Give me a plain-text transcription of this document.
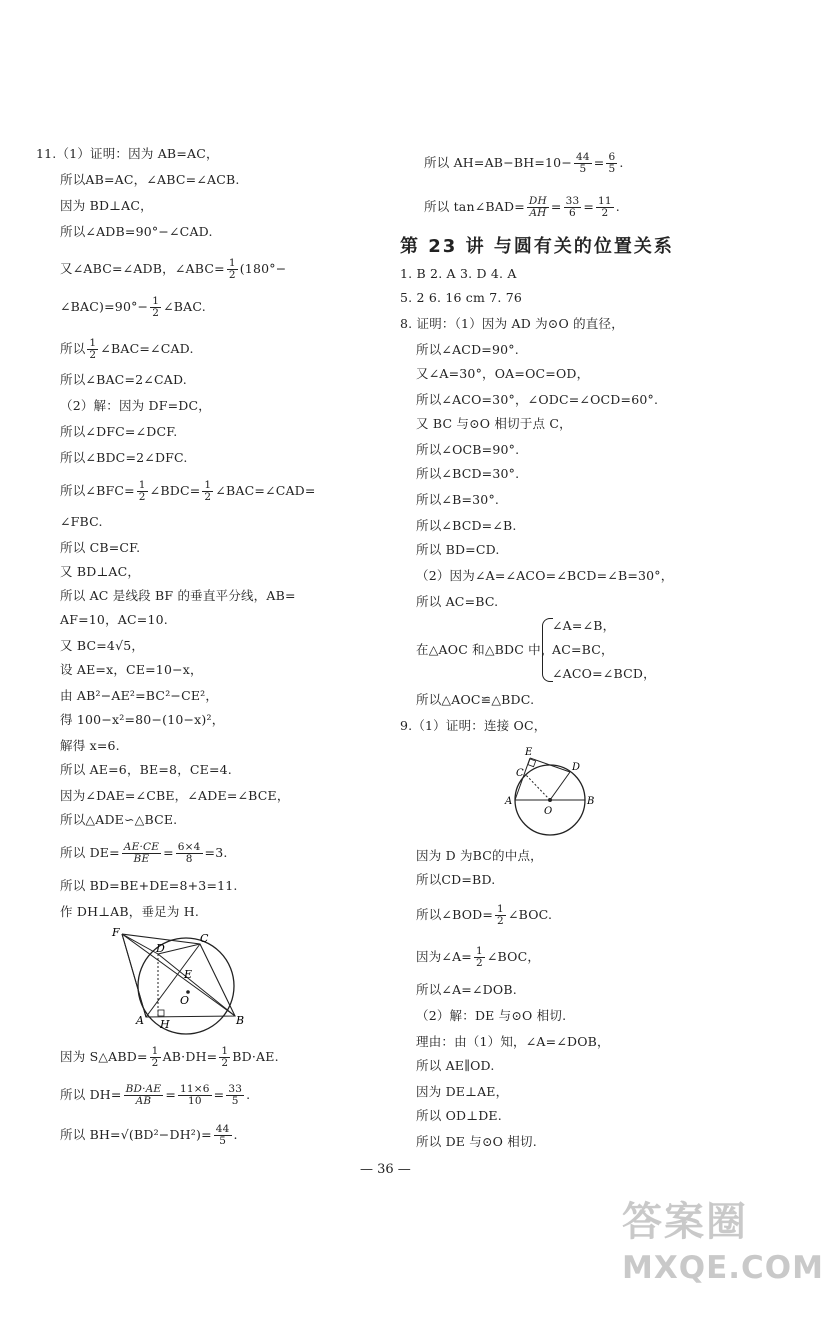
11.（1）证明：因为 AB=AC，
所以AB=AC，∠ABC=∠ACB.
因为 BD⊥AC，
所以∠ADB=90°−∠CAD.
又∠ABC=∠ADB，∠ABC= $\frac{1}{2} (180^\circ-$
∠BAC)=90°− $\frac{1}{2}$ ∠BAC.
所以 $\frac{1}{2}$ ∠BAC=∠CAD.
所以∠BAC=2∠CAD.
（2）解：因为 DF=DC，
所以∠DFC=∠DCF.
所以∠BDC=2∠DFC.
所以∠BFC= $\frac{1}{2}$ ∠BDC= $\frac{1}{2}$ ∠BAC=∠CAD=
∠FBC.
所以 CB=CF.
又 BD⊥AC，
所以 AC 是线段 BF 的垂直平分线，AB=
AF=10，AC=10.
又 BC=4√5，
设 AE=x，CE=10−x，
由 AB²−AE²=BC²−CE²，
得 100−x²=80−(10−x)²，
解得 x=6.
所以 AE=6，BE=8，CE=4.
因为∠DAE=∠CBE，∠ADE=∠BCE，
所以△ADE∽△BCE.
所以 $DE= \frac{AE\cdot CE}{BE} = \frac{6\times 4}{8} =3$.
所以 BD=BE+DE=8+3=11.
作 DH⊥AB，垂足为 H.
F	C
D
E
O
A H	B
因为 S△ABD= $\frac{1}{2} AB\cdot DH= \frac{1}{2} BD\cdot AE$.
所以 $DH= \frac{BD\cdot AE}{AB} = \frac{11\times 6}{10} = \frac{33}{5}$ .
所以 $BH=√(BD^2-DH^2)= \frac{44}{5}$ .
所以 $AH=AB-BH=10- \frac{44}{5} = \frac{6}{5}$ .
所以 tan∠BAD= $\frac{DH}{AH} = \frac{33}{6} = \frac{11}{2}$ .
第 23 讲 与圆有关的位置关系
1. B 2. A 3. D 4. A
5. 2 6. 16 cm 7. 76
8. 证明：（1）因为 AD 为⊙O 的直径，
所以∠ACD=90°.
又∠A=30°，OA=OC=OD，
所以∠ACO=30°，∠ODC=∠OCD=60°.
又 BC 与⊙O 相切于点 C，
所以∠OCB=90°.
所以∠BCD=30°.
所以∠B=30°.
所以∠BCD=∠B.
所以 BD=CD.
（2）因为∠A=∠ACO=∠BCD=∠B=30°，
所以 AC=BC.
在△AOC 和△BDC 中，
∠A=∠B，
AC=BC，
∠ACO=∠BCD，
所以△AOC≌△BDC.
9.（1）证明：连接 OC，
E
C
D
A
O
B
因为 D 为BC的中点，
所以CD=BD.
所以∠BOD= $\frac{1}{2}$ ∠BOC.
因为∠A= $\frac{1}{2}$ ∠BOC，
所以∠A=∠DOB.
（2）解：DE 与⊙O 相切.
理由：由（1）知，∠A=∠DOB，
所以 AE∥OD.
因为 DE⊥AE，
所以 OD⊥DE.
所以 DE 与⊙O 相切.
— 36 —
答案圈
MXQE.COM
